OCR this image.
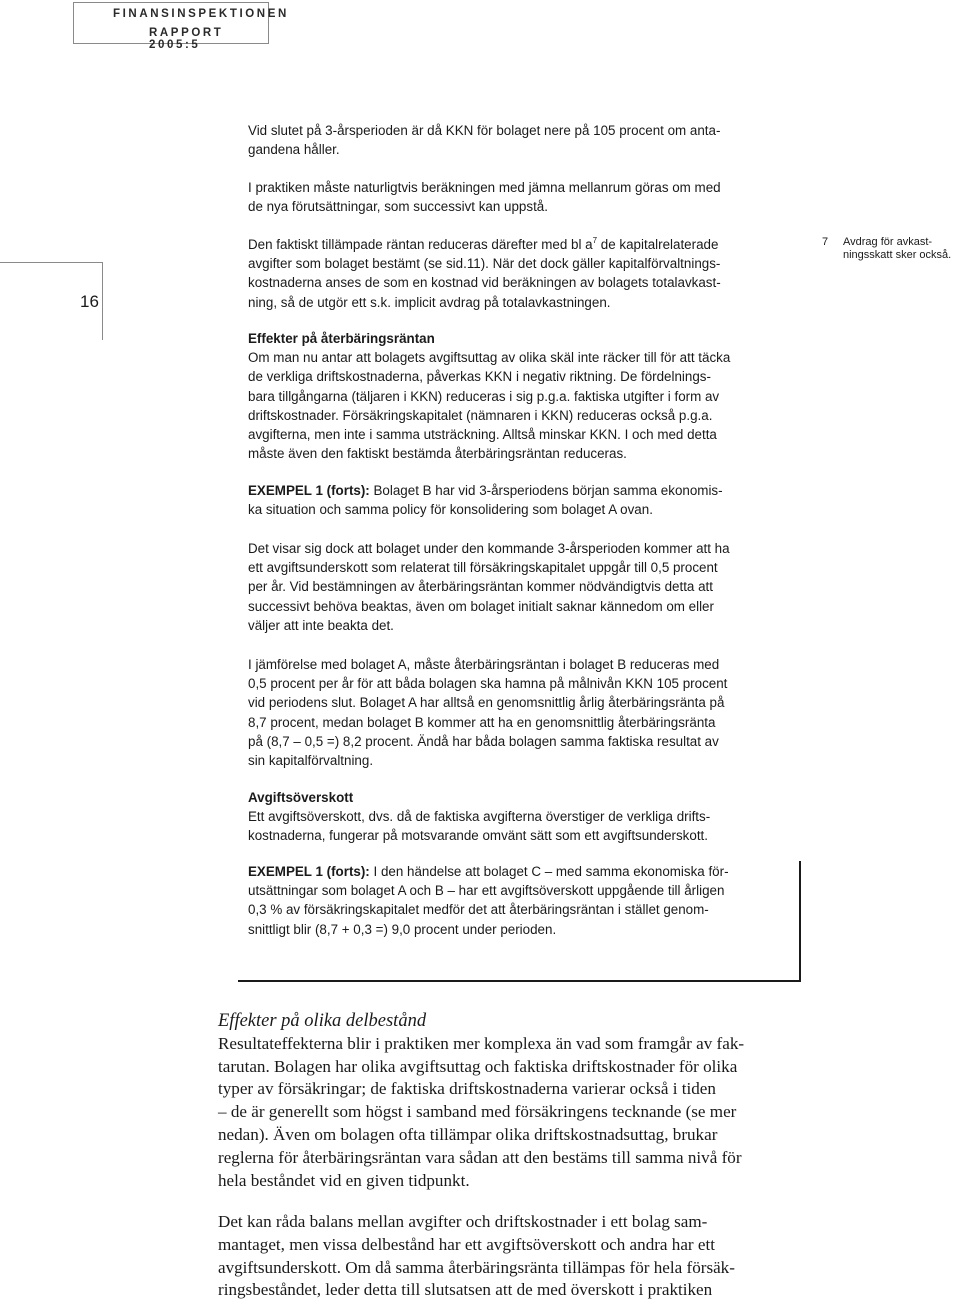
FINANSINSPEKTIONEN
RAPPORT 2005:5
16
Vid slutet på 3-årsperioden är då KKN för bolaget nere på 105 procent om anta-
gandena håller.
I praktiken måste naturligtvis beräkningen med jämna mellanrum göras om med
de nya förutsättningar, som successivt kan uppstå.
Den faktiskt tillämpade räntan reduceras därefter med bl $a^7$ de kapitalrelaterade
avgifter som bolaget bestämt (se sid.11). När det dock gäller kapitalförvaltnings-
kostnaderna anses de som en kostnad vid beräkningen av bolagets totalavkast-
ning, så de utgör ett s.k. implicit avdrag på totalavkastningen.
7 Avdrag för avkast-
ningsskatt sker också.
Effekter på återbäringsräntan
Om man nu antar att bolagets avgiftsuttag av olika skäl inte räcker till för att täcka
de verkliga driftskostnaderna, påverkas KKN i negativ riktning. De fördelnings-
bara tillgångarna (täljaren i KKN) reduceras i sig p.g.a. faktiska utgifter i form av
driftskostnader. Försäkringskapitalet (nämnaren i KKN) reduceras också p.g.a.
avgifterna, men inte i samma utsträckning. Alltså minskar KKN. I och med detta
måste även den faktiskt bestämda återbäringsräntan reduceras.
EXEMPEL 1 (forts): Bolaget B har vid 3-årsperiodens början samma ekonomis-
ka situation och samma policy för konsolidering som bolaget A ovan.
Det visar sig dock att bolaget under den kommande 3-årsperioden kommer att ha
ett avgiftsunderskott som relaterat till försäkringskapitalet uppgår till 0,5 procent
per år. Vid bestämningen av återbäringsräntan kommer nödvändigtvis detta att
successivt behöva beaktas, även om bolaget initialt saknar kännedom om eller
väljer att inte beakta det.
I jämförelse med bolaget A, måste återbäringsräntan i bolaget B reduceras med
0,5 procent per år för att båda bolagen ska hamna på målnivån KKN 105 procent
vid periodens slut. Bolaget A har alltså en genomsnittlig årlig återbäringsränta på
8,7 procent, medan bolaget B kommer att ha en genomsnittlig återbäringsränta
på (8,7 – 0,5 =) 8,2 procent. Ändå har båda bolagen samma faktiska resultat av
sin kapitalförvaltning.
Avgiftsöverskott
Ett avgiftsöverskott, dvs. då de faktiska avgifterna överstiger de verkliga drifts-
kostnaderna, fungerar på motsvarande omvänt sätt som ett avgiftsunderskott.
EXEMPEL 1 (forts): I den händelse att bolaget C – med samma ekonomiska för-
utsättningar som bolaget A och B – har ett avgiftsöverskott uppgående till årligen
0,3 % av försäkringskapitalet medför det att återbäringsräntan i stället genom-
snittligt blir (8,7 + 0,3 =) 9,0 procent under perioden.
Effekter på olika delbestånd
Resultateffekterna blir i praktiken mer komplexa än vad som framgår av fak-
tarutan. Bolagen har olika avgiftsuttag och faktiska driftskostnader för olika
typer av försäkringar; de faktiska driftskostnaderna varierar också i tiden
– de är generellt som högst i samband med försäkringens tecknande (se mer
nedan). Även om bolagen ofta tillämpar olika driftskostnadsuttag, brukar
reglerna för återbäringsräntan vara sådan att den bestäms till samma nivå för
hela beståndet vid en given tidpunkt.
Det kan råda balans mellan avgifter och driftskostnader i ett bolag sam-
mantaget, men vissa delbestånd har ett avgiftsöverskott och andra har ett
avgiftsunderskott. Om då samma återbäringsränta tillämpas för hela försäk-
ringsbeståndet, leder detta till slutsatsen att de med överskott i praktiken
